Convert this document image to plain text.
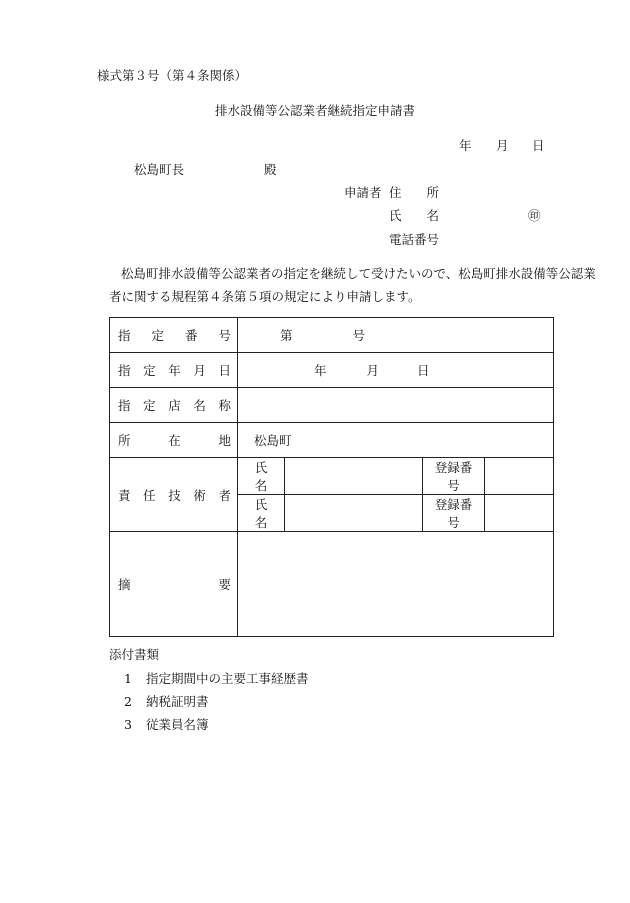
様式第３号（第４条関係）
排水設備等公認業者継続指定申請書
年 月 日
松島町長	殿
申請者 住　　所
氏　　名	㊞
電話番号
松島町排水設備等公認業者の指定を継続して受けたいので、松島町排水設備等公認業
者に関する規程第４条第５項の規定により申請します。
指 定 番 号	第 号			

指 定 年 月 日	年 月 日			

指 定 店 名 称				

所 在 地	松島町			

責 任 技 術 者	氏　名		登録番号	
	氏　名		登録番号	

摘 要				

添付書類
1 指定期間中の主要工事経歴書
2 納税証明書
3 従業員名簿
